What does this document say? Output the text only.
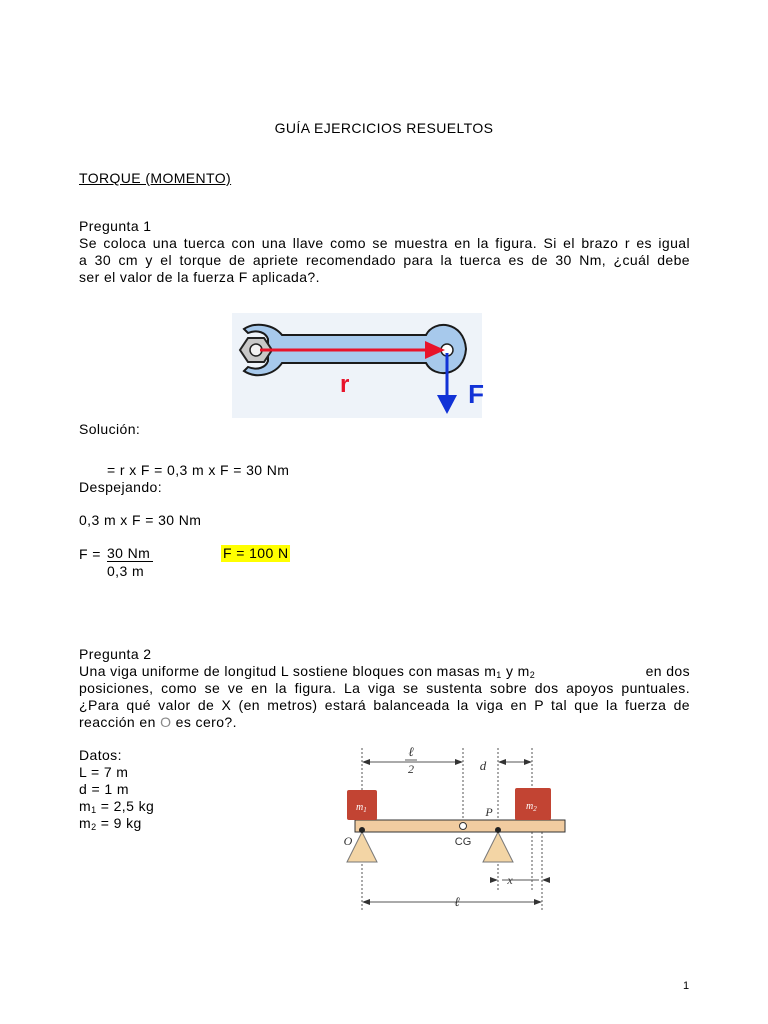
GUÍA EJERCICIOS RESUELTOS
TORQUE (MOMENTO)
Pregunta 1
Se coloca una tuerca con una llave como se muestra en la figura. Si el brazo r es igual
a 30 cm y el torque de apriete recomendado para la tuerca es de 30 Nm, ¿cuál debe
ser el valor de la fuerza F aplicada?.
r	F
Solución:
= r x F = 0,3 m x F = 30 Nm
Despejando:
0,3 m x F = 30 Nm
F = 30 Nm
0,3 m
F = 100 N
Pregunta 2
Una viga uniforme de longitud L sostiene bloques con masas $m_1$ y $m_2$	en dos
posiciones, como se ve en la figura. La viga se sustenta sobre dos apoyos puntuales.
¿Para qué valor de X (en metros) estará balanceada la viga en P tal que la fuerza de
reacción en O es cero?.
Datos:
L = 7 m
d = 1 m
$m_1 = 2,5$ kg
$m_2 = 9$ kg
ℓ
2	d
P
O
x
ℓ
$m_1$	$m_2$
CG
1
